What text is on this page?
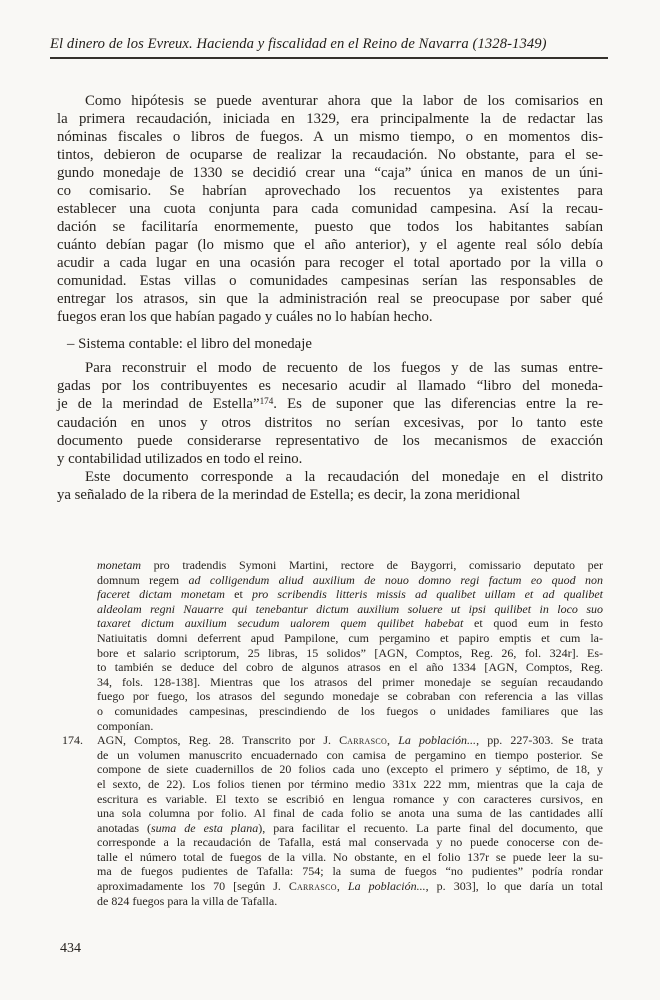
El dinero de los Evreux. Hacienda y fiscalidad en el Reino de Navarra (1328-1349)
Como hipótesis se puede aventurar ahora que la labor de los comisarios en
la primera recaudación, iniciada en 1329, era principalmente la de redactar las
nóminas fiscales o libros de fuegos. A un mismo tiempo, o en momentos dis-
tintos, debieron de ocuparse de realizar la recaudación. No obstante, para el se-
gundo monedaje de 1330 se decidió crear una “caja” única en manos de un úni-
co comisario. Se habrían aprovechado los recuentos ya existentes para
establecer una cuota conjunta para cada comunidad campesina. Así la recau-
dación se facilitaría enormemente, puesto que todos los habitantes sabían
cuánto debían pagar (lo mismo que el año anterior), y el agente real sólo debía
acudir a cada lugar en una ocasión para recoger el total aportado por la villa o
comunidad. Estas villas o comunidades campesinas serían las responsables de
entregar los atrasos, sin que la administración real se preocupase por saber qué
fuegos eran los que habían pagado y cuáles no lo habían hecho.
– Sistema contable: el libro del monedaje
Para reconstruir el modo de recuento de los fuegos y de las sumas entre-
gadas por los contribuyentes es necesario acudir al llamado “libro del moneda-
je de la merindad de Estella”$^{174}$. Es de suponer que las diferencias entre la re-
caudación en unos y otros distritos no serían excesivas, por lo tanto este
documento puede considerarse representativo de los mecanismos de exacción
y contabilidad utilizados en todo el reino.
Este documento corresponde a la recaudación del monedaje en el distrito
ya señalado de la ribera de la merindad de Estella; es decir, la zona meridional
monetam pro tradendis Symoni Martini, rectore de Baygorri, comissario deputato per
domnum regem ad colligendum aliud auxilium de nouo domno regi factum eo quod non
faceret dictam monetam et pro scribendis litteris missis ad qualibet uillam et ad qualibet
aldeolam regni Nauarre qui tenebantur dictum auxilium soluere ut ipsi quilibet in loco suo
taxaret dictum auxilium secudum ualorem quem quilibet habebat et quod eum in festo
Natiuitatis domni deferrent apud Pampilone, cum pergamino et papiro emptis et cum la-
bore et salario scriptorum, 25 libras, 15 solidos” [AGN, Comptos, Reg. 26, fol. 324r]. Es-
to también se deduce del cobro de algunos atrasos en el año 1334 [AGN, Comptos, Reg.
34, fols. 128-138]. Mientras que los atrasos del primer monedaje se seguían recaudando
fuego por fuego, los atrasos del segundo monedaje se cobraban con referencia a las villas
o comunidades campesinas, prescindiendo de los fuegos o unidades familiares que las
componían.
174. AGN, Comptos, Reg. 28. Transcrito por J. Carrasco, La población..., pp. 227-303. Se trata
de un volumen manuscrito encuadernado con camisa de pergamino en tiempo posterior. Se
compone de siete cuadernillos de 20 folios cada uno (excepto el primero y séptimo, de 18, y
el sexto, de 22). Los folios tienen por término medio 331x 222 mm, mientras que la caja de
escritura es variable. El texto se escribió en lengua romance y con caracteres cursivos, en
una sola columna por folio. Al final de cada folio se anota una suma de las cantidades allí
anotadas (suma de esta plana), para facilitar el recuento. La parte final del documento, que
corresponde a la recaudación de Tafalla, está mal conservada y no puede conocerse con de-
talle el número total de fuegos de la villa. No obstante, en el folio 137r se puede leer la su-
ma de fuegos pudientes de Tafalla: 754; la suma de fuegos “no pudientes” podría rondar
aproximadamente los 70 [según J. Carrasco, La población..., p. 303], lo que daría un total
de 824 fuegos para la villa de Tafalla.
434
